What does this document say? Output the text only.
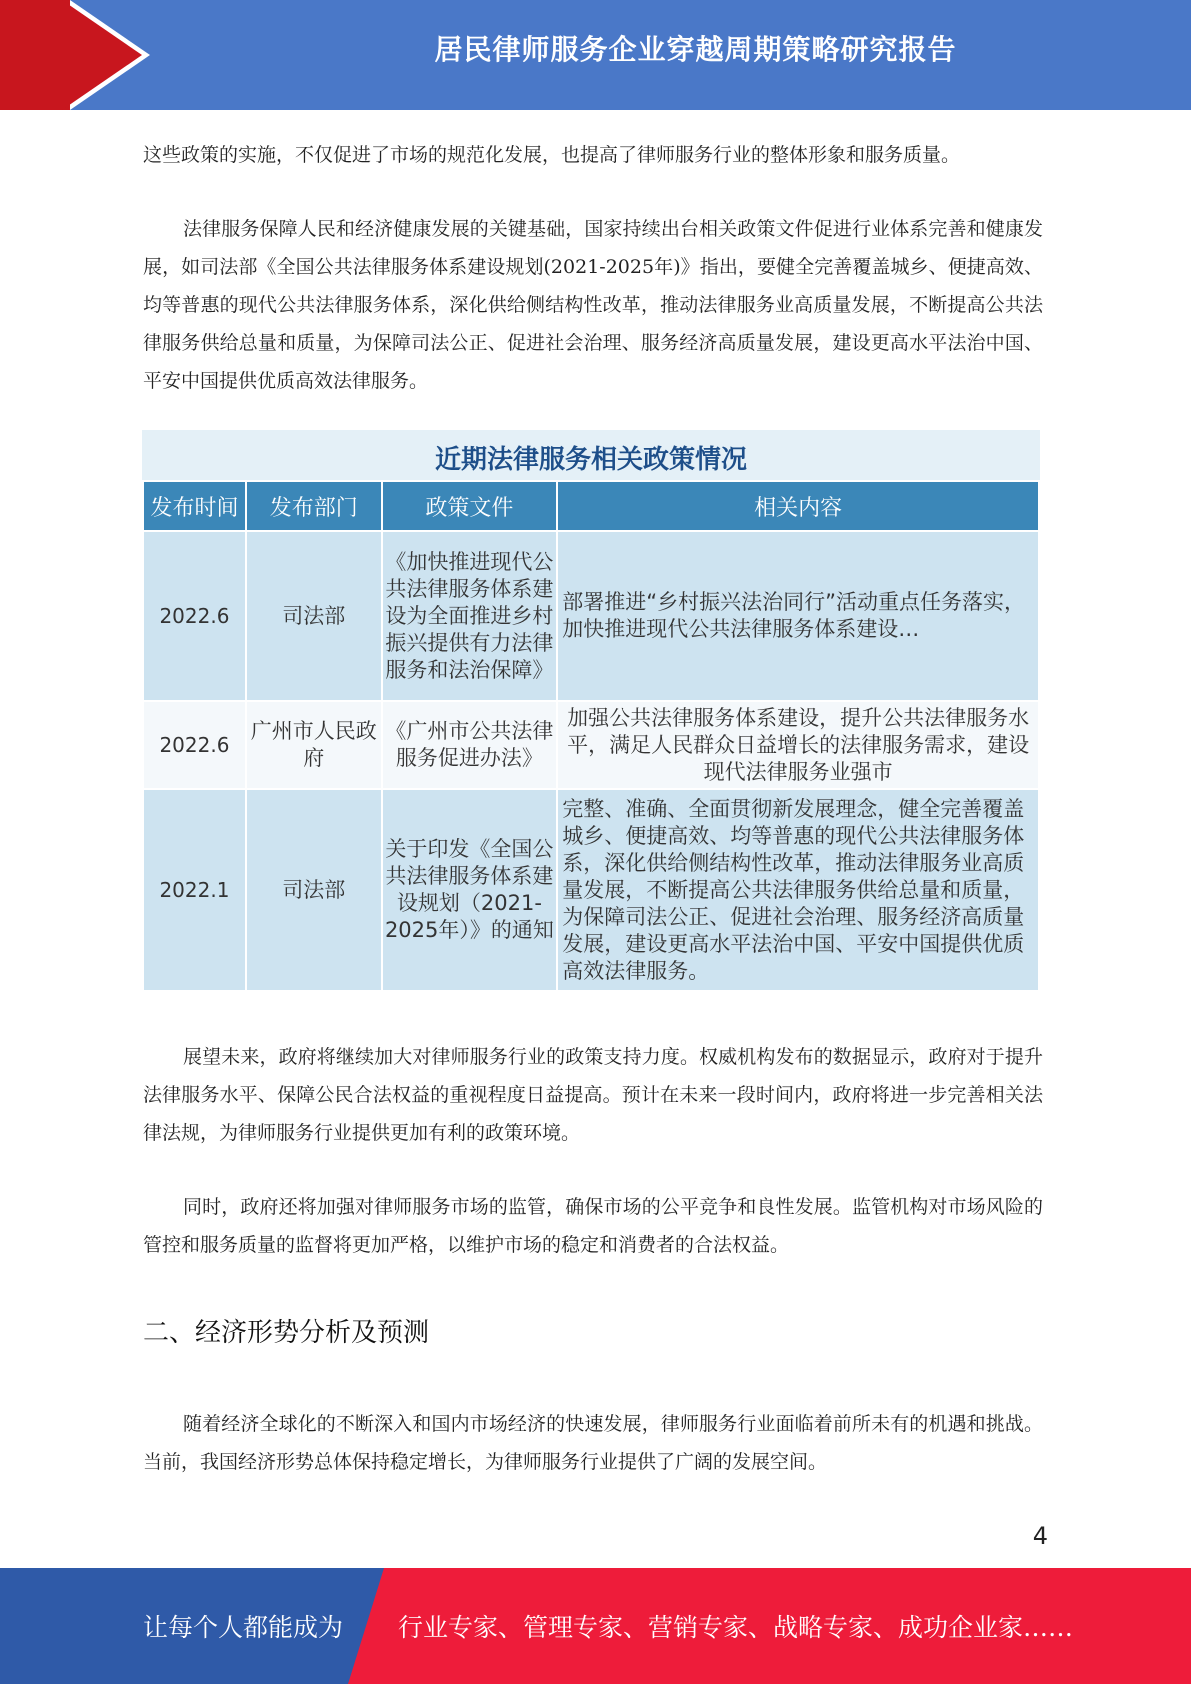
居民律师服务企业穿越周期策略研究报告

这些政策的实施，不仅促进了市场的规范化发展，也提高了律师服务行业的整体形象和服务质量。

法律服务保障人民和经济健康发展的关键基础，国家持续出台相关政策文件促进行业体系完善和健康发展，如司法部《全国公共法律服务体系建设规划(2021-2025年)》指出，要健全完善覆盖城乡、便捷高效、均等普惠的现代公共法律服务体系，深化供给侧结构性改革，推动法律服务业高质量发展，不断提高公共法律服务供给总量和质量，为保障司法公正、促进社会治理、服务经济高质量发展，建设更高水平法治中国、平安中国提供优质高效法律服务。

近期法律服务相关政策情况
发布时间	发布部门	政策文件	相关内容
2022.6	司法部	《加快推进现代公共法律服务体系建设为全面推进乡村振兴提供有力法律服务和法治保障》	部署推进“乡村振兴法治同行”活动重点任务落实，加快推进现代公共法律服务体系建设…
2022.6	广州市人民政府	《广州市公共法律服务促进办法》	加强公共法律服务体系建设，提升公共法律服务水平，满足人民群众日益增长的法律服务需求，建设现代法律服务业强市
2022.1	司法部	关于印发《全国公共法律服务体系建设规划（2021-2025年）》的通知	完整、准确、全面贯彻新发展理念，健全完善覆盖城乡、便捷高效、均等普惠的现代公共法律服务体系，深化供给侧结构性改革，推动法律服务业高质量发展，不断提高公共法律服务供给总量和质量，为保障司法公正、促进社会治理、服务经济高质量发展，建设更高水平法治中国、平安中国提供优质高效法律服务。

展望未来，政府将继续加大对律师服务行业的政策支持力度。权威机构发布的数据显示，政府对于提升法律服务水平、保障公民合法权益的重视程度日益提高。预计在未来一段时间内，政府将进一步完善相关法律法规，为律师服务行业提供更加有利的政策环境。

同时，政府还将加强对律师服务市场的监管，确保市场的公平竞争和良性发展。监管机构对市场风险的管控和服务质量的监督将更加严格，以维护市场的稳定和消费者的合法权益。

二、经济形势分析及预测

随着经济全球化的不断深入和国内市场经济的快速发展，律师服务行业面临着前所未有的机遇和挑战。当前，我国经济形势总体保持稳定增长，为律师服务行业提供了广阔的发展空间。

4
让每个人都能成为 行业专家、管理专家、营销专家、战略专家、成功企业家……
